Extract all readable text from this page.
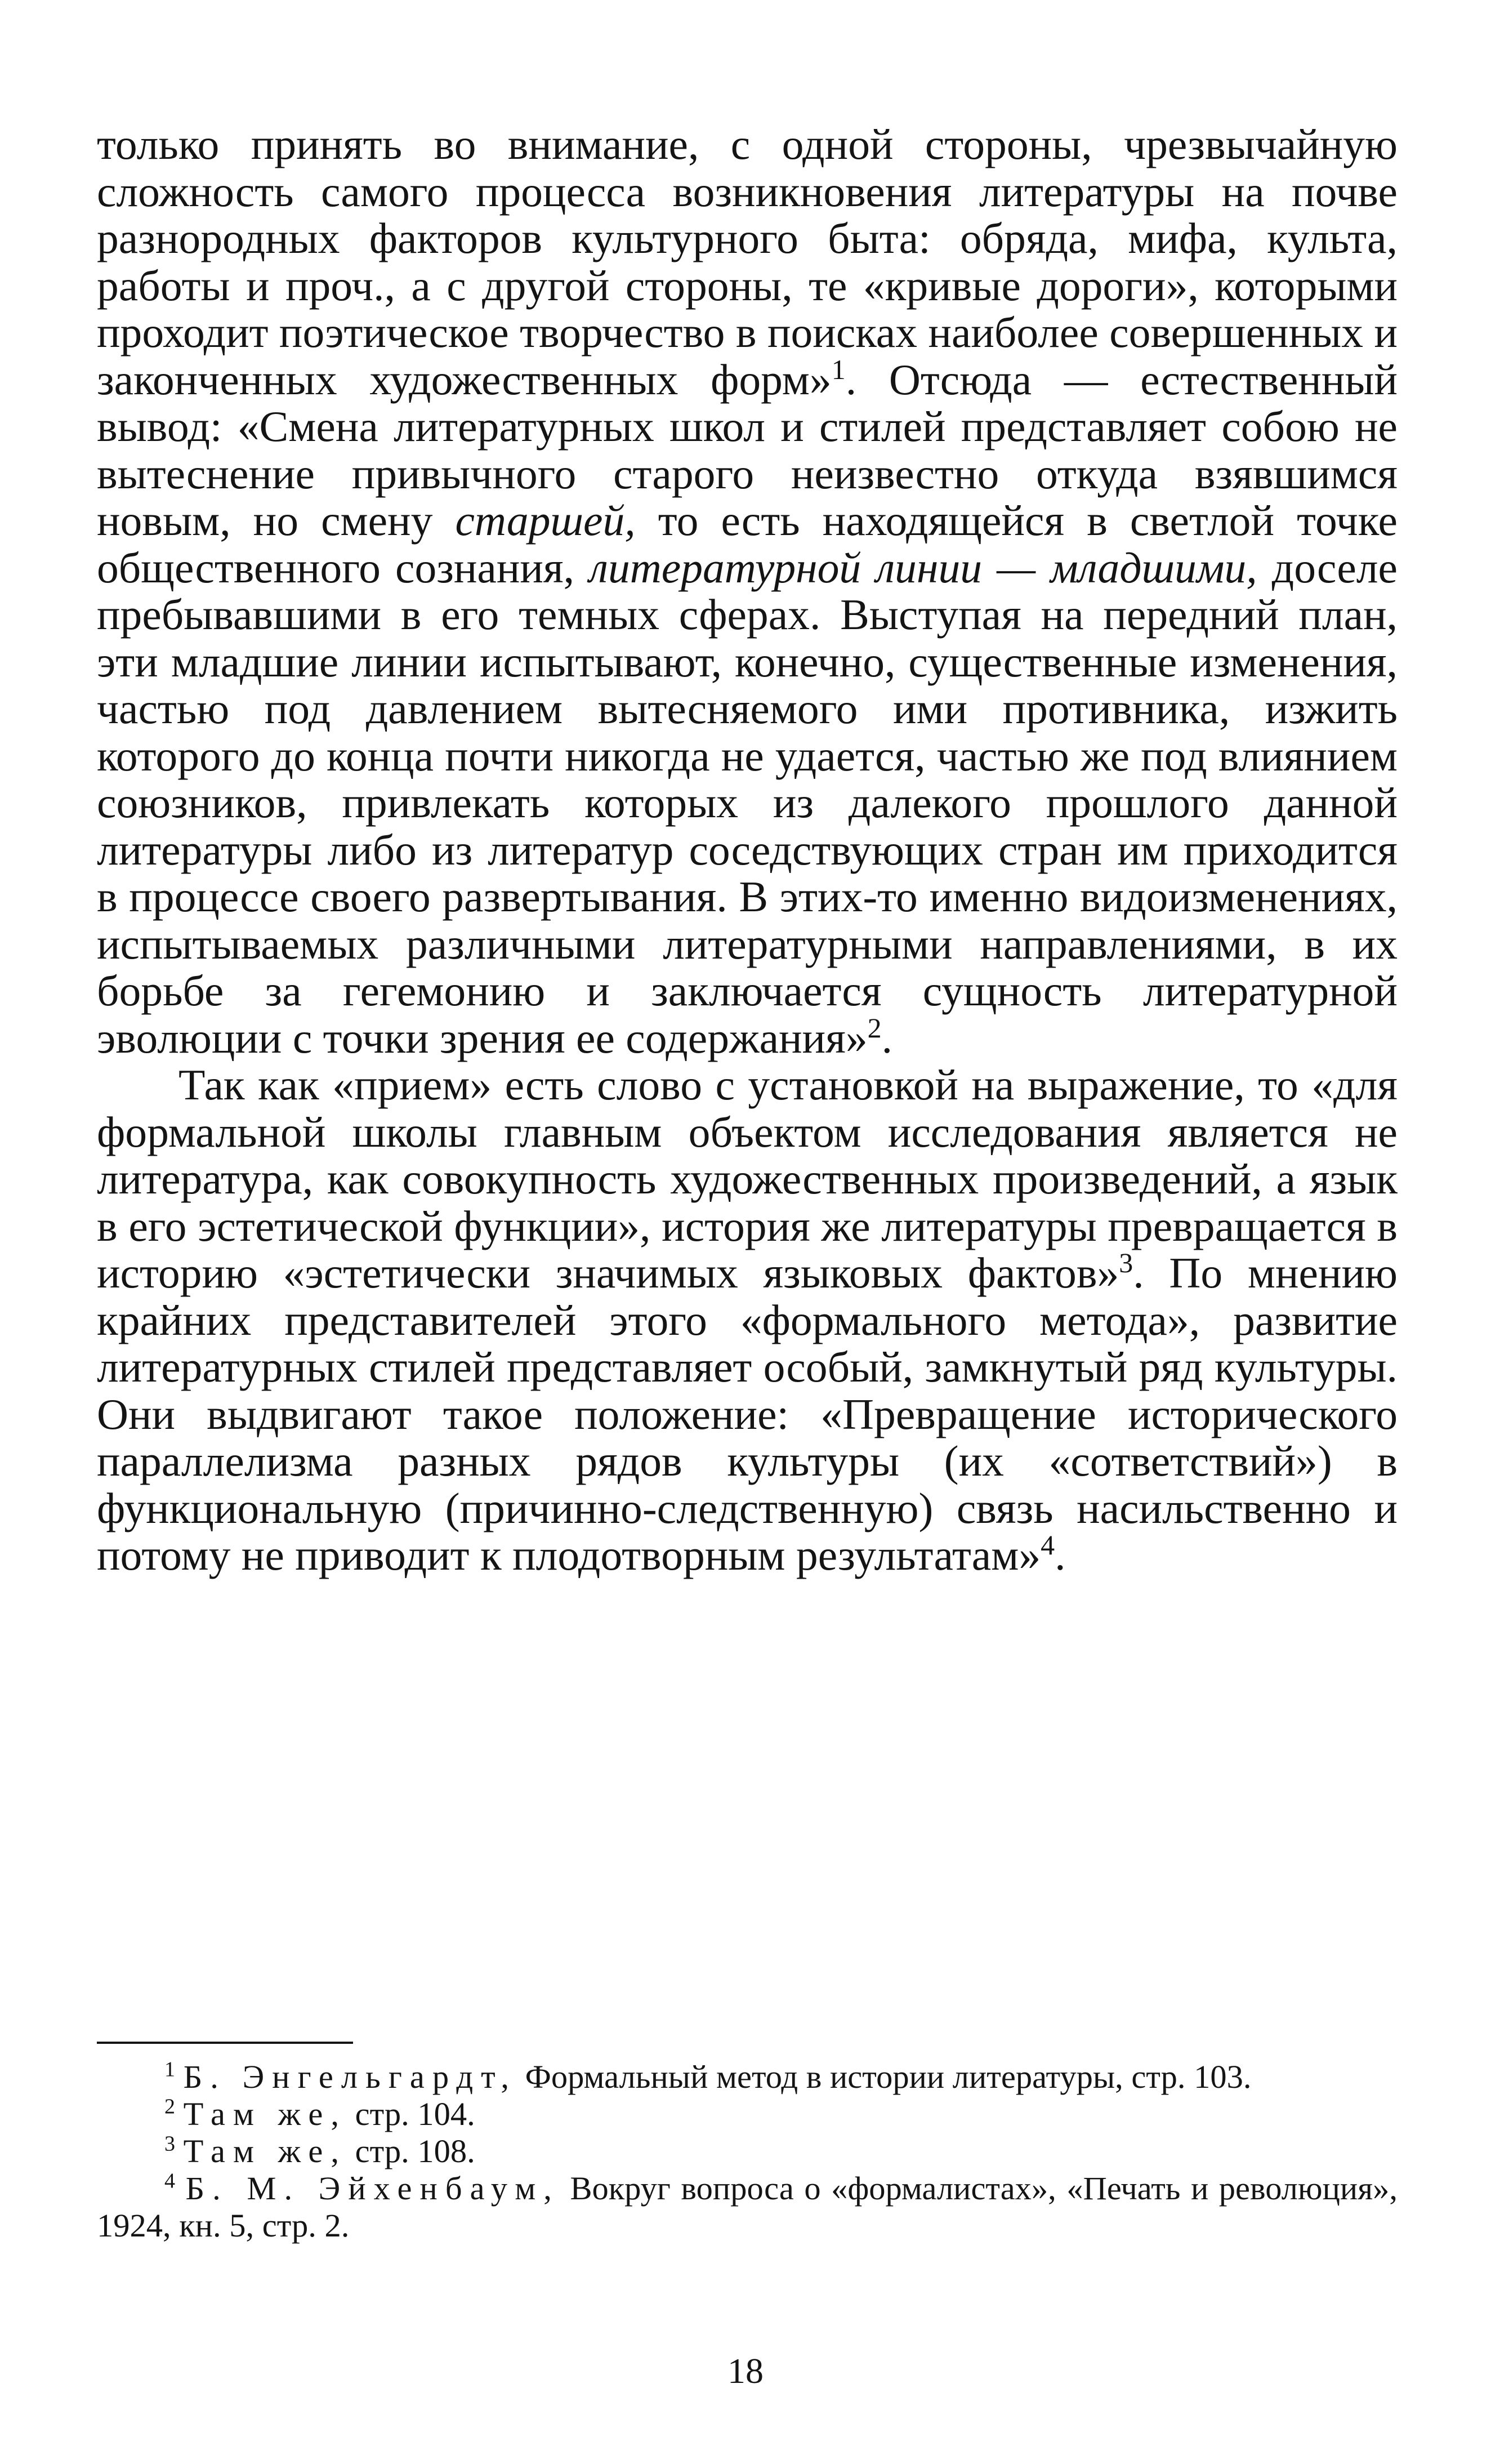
только принять во внимание, с одной стороны, чрезвычайную сложность самого процесса возникновения литературы на почве разнородных факторов культурного быта: обряда, мифа, культа, работы и проч., а с другой стороны, те «кривые дороги», которыми проходит поэтическое творчество в поисках наиболее совершенных и законченных художественных форм»$^1$. Отсюда — естественный вывод: «Смена литературных школ и стилей представляет собою не вытеснение привычного старого неизвестно откуда взявшимся новым, но смену старшей, то есть находящейся в светлой точке общественного сознания, литературной линии — младшими, доселе пребывавшими в его темных сферах. Выступая на передний план, эти младшие линии испытывают, конечно, существенные изменения, частью под давлением вытесняемого ими противника, изжить которого до конца почти никогда не удается, частью же под влиянием союзников, привлекать которых из далекого прошлого данной литературы либо из литератур соседствующих стран им приходится в процессе своего развертывания. В этих-то именно видоизменениях, испытываемых различными литературными направлениями, в их борьбе за гегемонию и заключается сущность литературной эволюции с точки зрения ее содержания»$^2$.

Так как «прием» есть слово с установкой на выражение, то «для формальной школы главным объектом исследования является не литература, как совокупность художественных произведений, а язык в его эстетической функции», история же литературы превращается в историю «эстетически значимых языковых фактов»$^3$. По мнению крайних представителей этого «формального метода», развитие литературных стилей представляет особый, замкнутый ряд культуры. Они выдвигают такое положение: «Превращение исторического параллелизма разных рядов культуры (их «сответствий») в функциональную (причинно-следственную) связь насильственно и потому не приводит к плодотворным результатам»$^4$.

$^1$ Б. Энгельгардт, Формальный метод в истории литературы, стр. 103.

$^2$ Там же, стр. 104.

$^3$ Там же, стр. 108.

$^4$ Б. М. Эйхенбаум, Вокруг вопроса о «формалистах», «Печать и революция», 1924, кн. 5, стр. 2.

18
